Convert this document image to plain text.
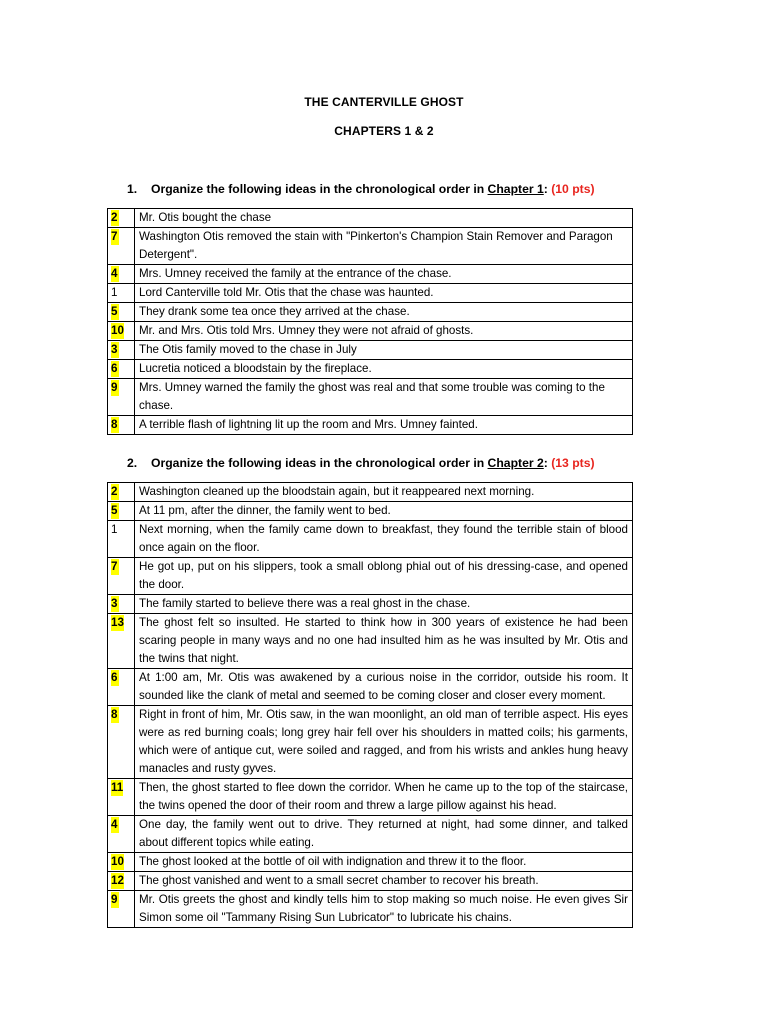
THE CANTERVILLE GHOST
CHAPTERS 1 & 2
1. Organize the following ideas in the chronological order in Chapter 1: (10 pts)
2	Mr. Otis bought the chase
7	Washington Otis removed the stain with "Pinkerton's Champion Stain Remover and Paragon Detergent".
4	Mrs. Umney received the family at the entrance of the chase.
1	Lord Canterville told Mr. Otis that the chase was haunted.
5	They drank some tea once they arrived at the chase.
10	Mr. and Mrs. Otis told Mrs. Umney they were not afraid of ghosts.
3	The Otis family moved to the chase in July
6	Lucretia noticed a bloodstain by the fireplace.
9	Mrs. Umney warned the family the ghost was real and that some trouble was coming to the chase.
8	A terrible flash of lightning lit up the room and Mrs. Umney fainted.
2. Organize the following ideas in the chronological order in Chapter 2: (13 pts)
2	Washington cleaned up the bloodstain again, but it reappeared next morning.
5	At 11 pm, after the dinner, the family went to bed.
1	Next morning, when the family came down to breakfast, they found the terrible stain of blood once again on the floor.
7	He got up, put on his slippers, took a small oblong phial out of his dressing-case, and opened the door.
3	The family started to believe there was a real ghost in the chase.
13	The ghost felt so insulted. He started to think how in 300 years of existence he had been scaring people in many ways and no one had insulted him as he was insulted by Mr. Otis and the twins that night.
6	At 1:00 am, Mr. Otis was awakened by a curious noise in the corridor, outside his room. It sounded like the clank of metal and seemed to be coming closer and closer every moment.
8	Right in front of him, Mr. Otis saw, in the wan moonlight, an old man of terrible aspect. His eyes were as red burning coals; long grey hair fell over his shoulders in matted coils; his garments, which were of antique cut, were soiled and ragged, and from his wrists and ankles hung heavy manacles and rusty gyves.
11	Then, the ghost started to flee down the corridor. When he came up to the top of the staircase, the twins opened the door of their room and threw a large pillow against his head.
4	One day, the family went out to drive. They returned at night, had some dinner, and talked about different topics while eating.
10	The ghost looked at the bottle of oil with indignation and threw it to the floor.
12	The ghost vanished and went to a small secret chamber to recover his breath.
9	Mr. Otis greets the ghost and kindly tells him to stop making so much noise. He even gives Sir Simon some oil "Tammany Rising Sun Lubricator" to lubricate his chains.
